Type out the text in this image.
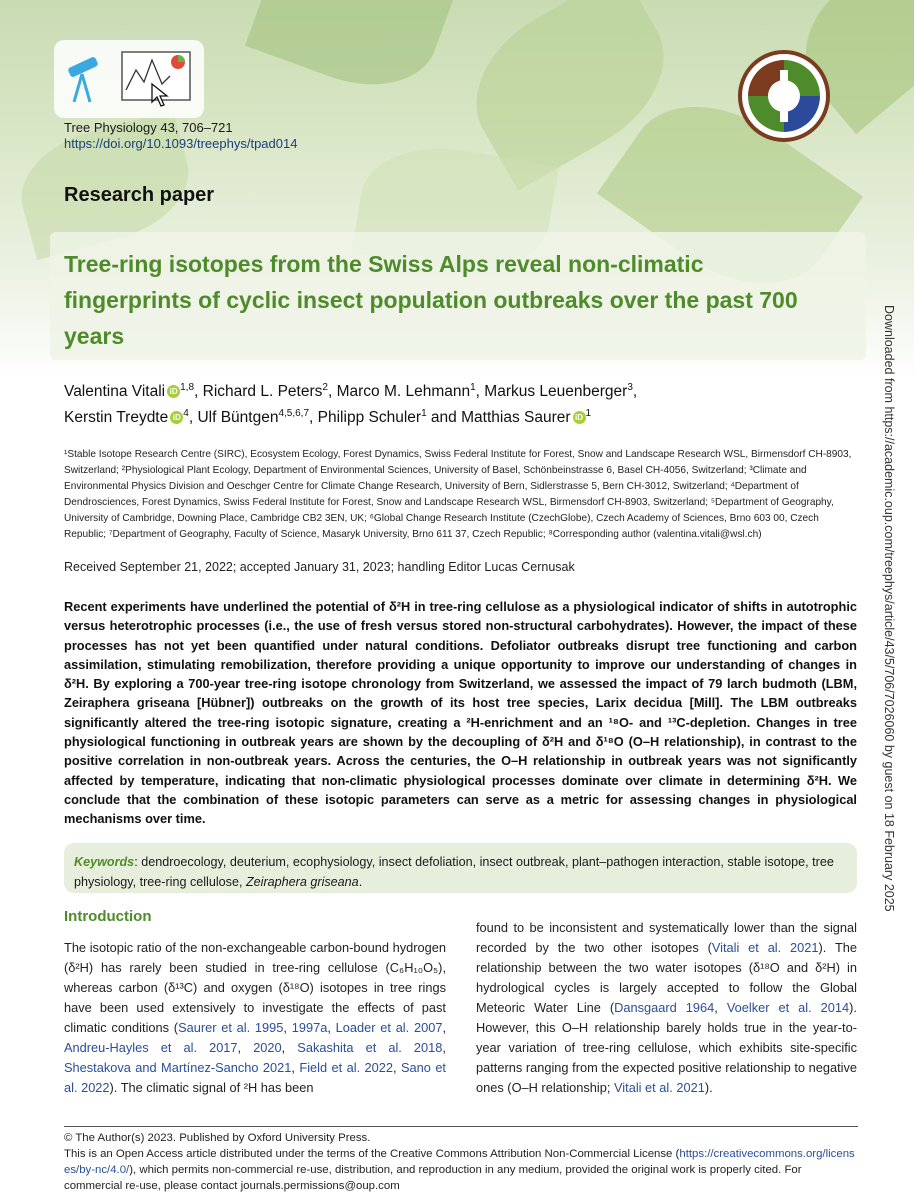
Tree Physiology 43, 706–721
https://doi.org/10.1093/treephys/tpad014
Research paper
Tree-ring isotopes from the Swiss Alps reveal non-climatic fingerprints of cyclic insect population outbreaks over the past 700 years
Valentina Vitali iD $^{1,8}$, Richard L. Peters$^2$, Marco M. Lehmann$^1$, Markus Leuenberger$^3$,
Kerstin Treydte iD $^4$, Ulf Büntgen$^{4,5,6,7}$, Philipp Schuler$^1$ and Matthias Saurer iD $^1$
¹Stable Isotope Research Centre (SIRC), Ecosystem Ecology, Forest Dynamics, Swiss Federal Institute for Forest, Snow and Landscape Research WSL, Birmensdorf CH-8903, Switzerland; ²Physiological Plant Ecology, Department of Environmental Sciences, University of Basel, Schönbeinstrasse 6, Basel CH-4056, Switzerland; ³Climate and Environmental Physics Division and Oeschger Centre for Climate Change Research, University of Bern, Sidlerstrasse 5, Bern CH-3012, Switzerland; ⁴Department of Dendrosciences, Forest Dynamics, Swiss Federal Institute for Forest, Snow and Landscape Research WSL, Birmensdorf CH-8903, Switzerland; ⁵Department of Geography, University of Cambridge, Downing Place, Cambridge CB2 3EN, UK; ⁶Global Change Research Institute (CzechGlobe), Czech Academy of Sciences, Brno 603 00, Czech Republic; ⁷Department of Geography, Faculty of Science, Masaryk University, Brno 611 37, Czech Republic; ⁸Corresponding author (valentina.vitali@wsl.ch)
Received September 21, 2022; accepted January 31, 2023; handling Editor Lucas Cernusak
Recent experiments have underlined the potential of δ²H in tree-ring cellulose as a physiological indicator of shifts in autotrophic versus heterotrophic processes (i.e., the use of fresh versus stored non-structural carbohydrates). However, the impact of these processes has not yet been quantified under natural conditions. Defoliator outbreaks disrupt tree functioning and carbon assimilation, stimulating remobilization, therefore providing a unique opportunity to improve our understanding of changes in δ²H. By exploring a 700-year tree-ring isotope chronology from Switzerland, we assessed the impact of 79 larch budmoth (LBM, Zeiraphera griseana [Hübner]) outbreaks on the growth of its host tree species, Larix decidua [Mill]. The LBM outbreaks significantly altered the tree-ring isotopic signature, creating a ²H-enrichment and an ¹⁸O- and ¹³C-depletion. Changes in tree physiological functioning in outbreak years are shown by the decoupling of δ²H and δ¹⁸O (O–H relationship), in contrast to the positive correlation in non-outbreak years. Across the centuries, the O–H relationship in outbreak years was not significantly affected by temperature, indicating that non-climatic physiological processes dominate over climate in determining δ²H. We conclude that the combination of these isotopic parameters can serve as a metric for assessing changes in physiological mechanisms over time.
Keywords: dendroecology, deuterium, ecophysiology, insect defoliation, insect outbreak, plant–pathogen interaction, stable isotope, tree physiology, tree-ring cellulose, Zeiraphera griseana.
Introduction
The isotopic ratio of the non-exchangeable carbon-bound hydrogen (δ²H) has rarely been studied in tree-ring cellulose (C₆H₁₀O₅), whereas carbon (δ¹³C) and oxygen (δ¹⁸O) isotopes in tree rings have been used extensively to investigate the effects of past climatic conditions (Saurer et al. 1995, 1997a, Loader et al. 2007, Andreu-Hayles et al. 2017, 2020, Sakashita et al. 2018, Shestakova and Martínez-Sancho 2021, Field et al. 2022, Sano et al. 2022). The climatic signal of ²H has been
found to be inconsistent and systematically lower than the signal recorded by the two other isotopes (Vitali et al. 2021). The relationship between the two water isotopes (δ¹⁸O and δ²H) in hydrological cycles is largely accepted to follow the Global Meteoric Water Line (Dansgaard 1964, Voelker et al. 2014). However, this O–H relationship barely holds true in the year-to-year variation of tree-ring cellulose, which exhibits site-specific patterns ranging from the expected positive relationship to negative ones (O–H relationship; Vitali et al. 2021).
© The Author(s) 2023. Published by Oxford University Press.
This is an Open Access article distributed under the terms of the Creative Commons Attribution Non-Commercial License (https://creativecommons.org/licenses/by-nc/4.0/), which permits non-commercial re-use, distribution, and reproduction in any medium, provided the original work is properly cited. For commercial re-use, please contact journals.permissions@oup.com
Downloaded from https://academic.oup.com/treephys/article/43/5/706/7026060 by guest on 18 February 2025
